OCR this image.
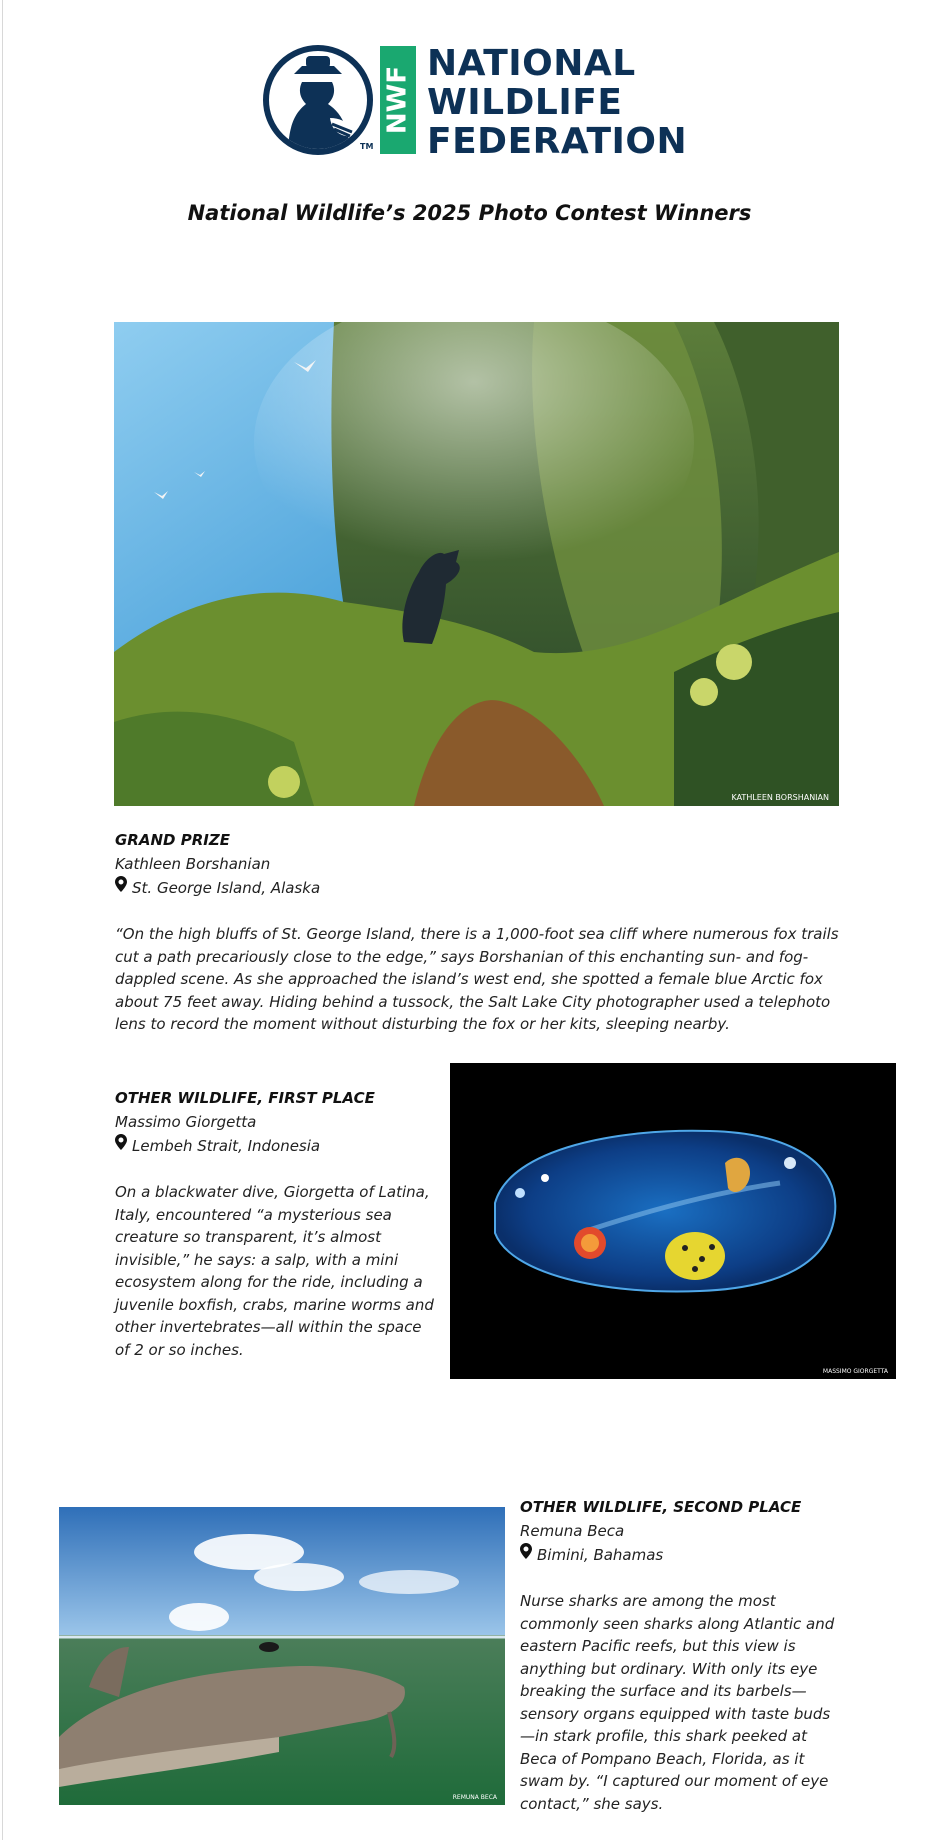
TM
NWF
NATIONAL
WILDLIFE
FEDERATION
National Wildlife’s 2025 Photo Contest Winners
KATHLEEN BORSHANIAN
GRAND PRIZE
Kathleen Borshanian
St. George Island, Alaska
“On the high bluffs of St. George Island, there is a 1,000-foot sea cliff where numerous fox trails cut a path precariously close to the edge,” says Borshanian of this enchanting sun- and fog-dappled scene. As she approached the island’s west end, she spotted a female blue Arctic fox about 75 feet away. Hiding behind a tussock, the Salt Lake City photographer used a telephoto lens to record the moment without disturbing the fox or her kits, sleeping nearby.
OTHER WILDLIFE, FIRST PLACE
Massimo Giorgetta
Lembeh Strait, Indonesia
On a blackwater dive, Giorgetta of Latina, Italy, encountered “a mysterious sea creature so transparent, it’s almost invisible,” he says: a salp, with a mini ecosystem along for the ride, including a juvenile boxfish, crabs, marine worms and other invertebrates—all within the space of 2 or so inches.
MASSIMO GIORGETTA
REMUNA BECA
OTHER WILDLIFE, SECOND PLACE
Remuna Beca
Bimini, Bahamas
Nurse sharks are among the most commonly seen sharks along Atlantic and eastern Pacific reefs, but this view is anything but ordinary. With only its eye breaking the surface and its barbels—sensory organs equipped with taste buds—in stark profile, this shark peeked at Beca of Pompano Beach, Florida, as it swam by. “I captured our moment of eye contact,” she says.
